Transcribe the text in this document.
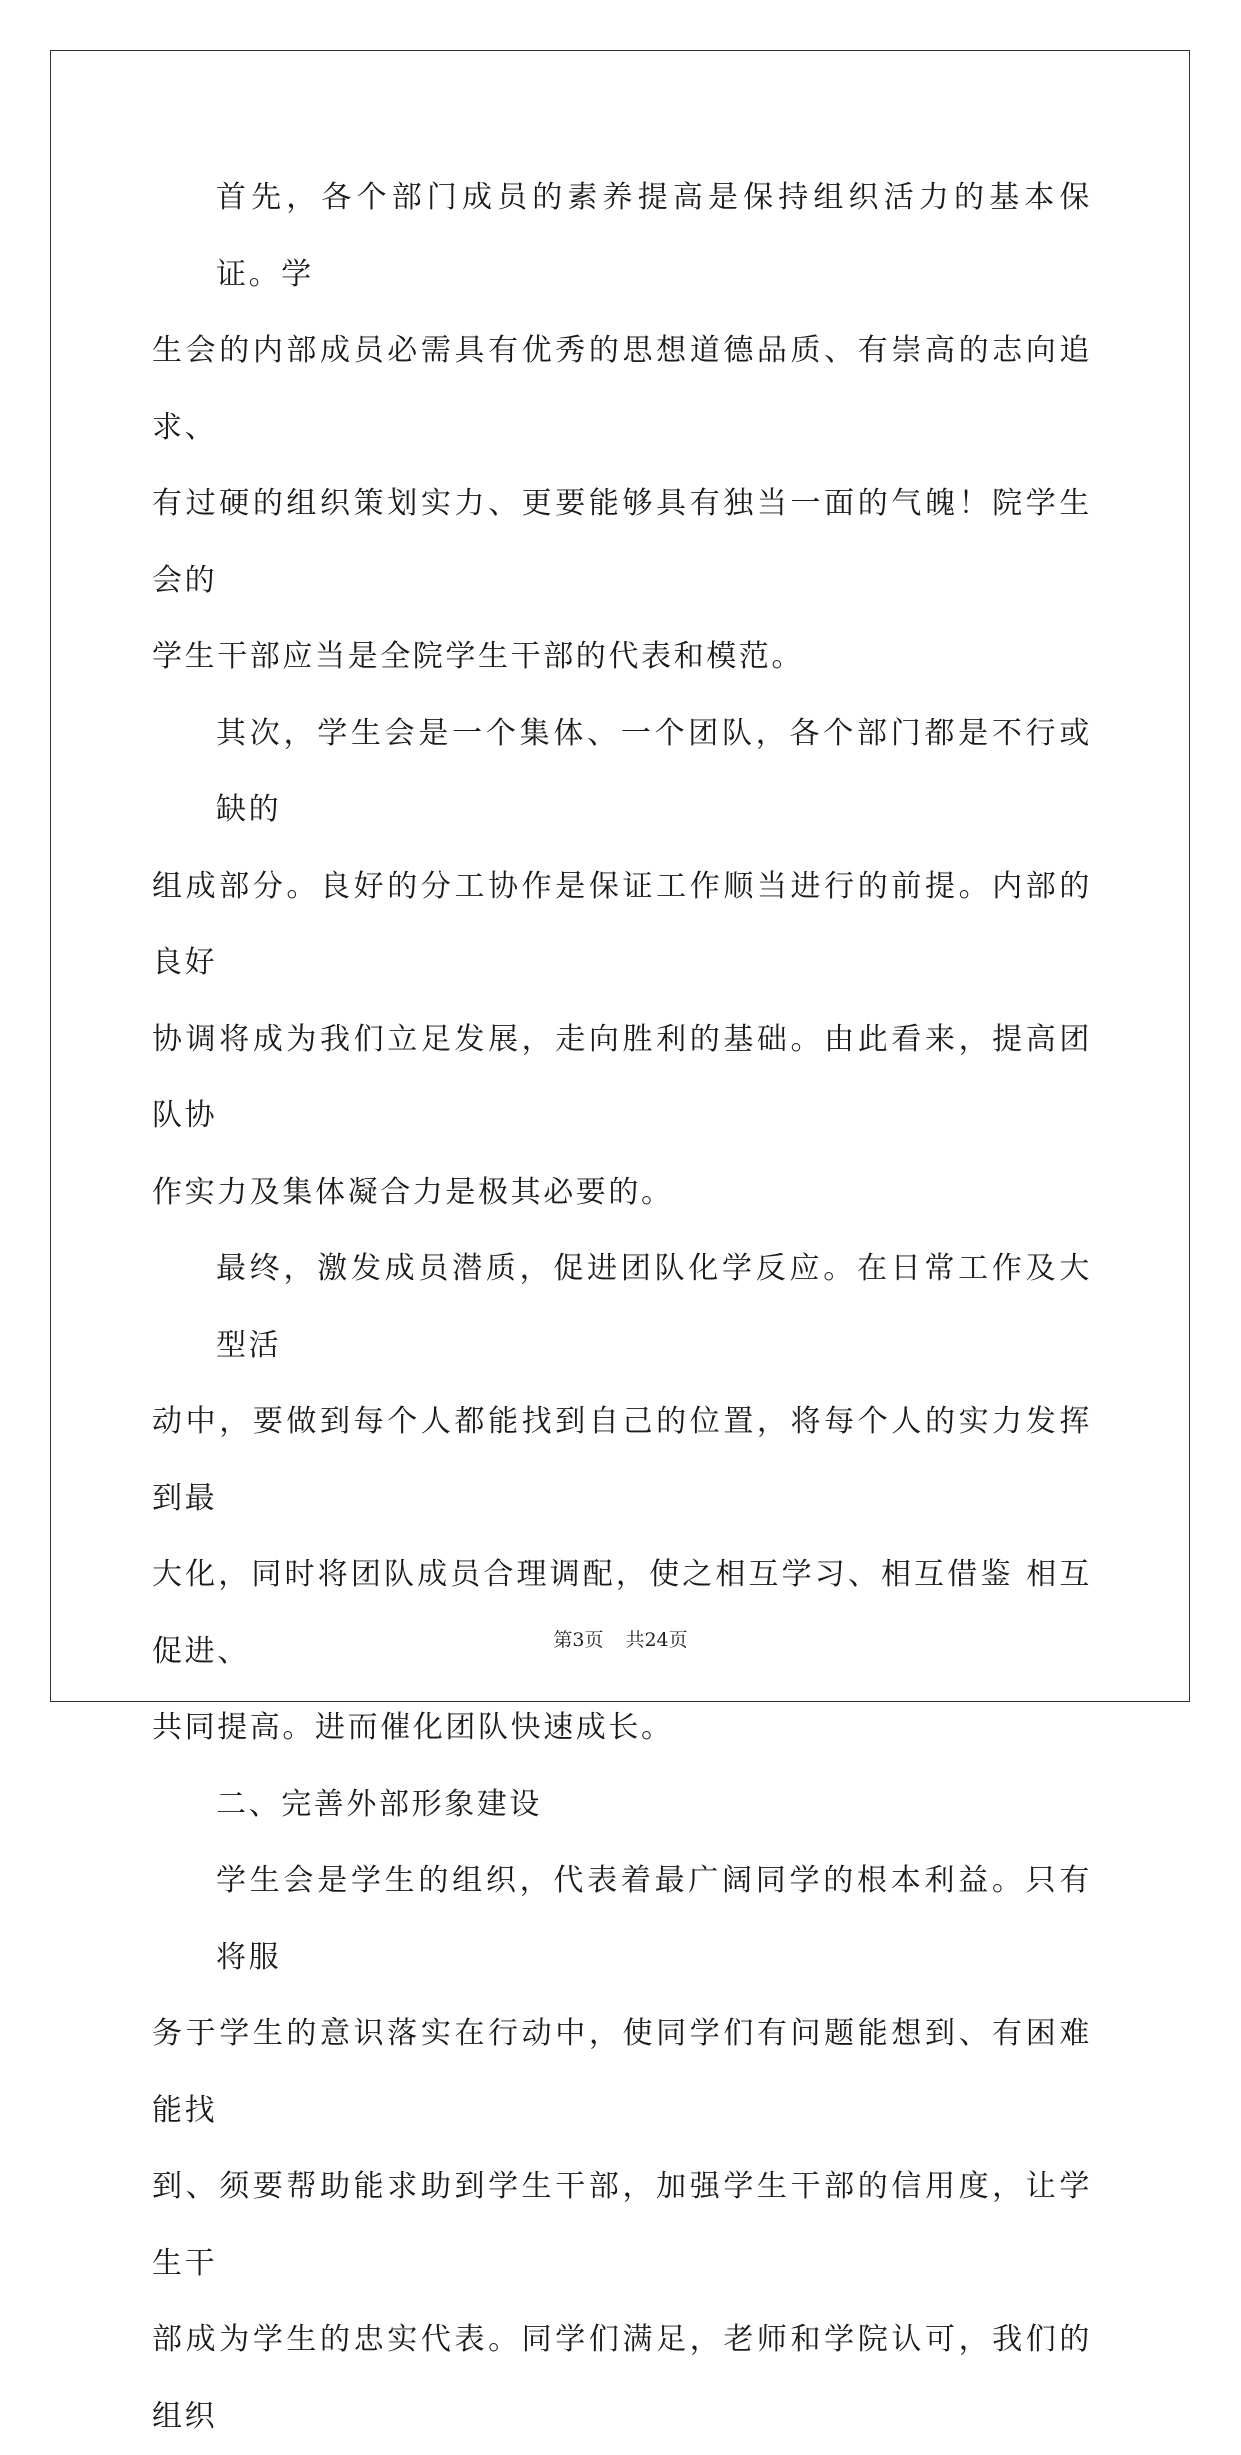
首先，各个部门成员的素养提高是保持组织活力的基本保证。学
生会的内部成员必需具有优秀的思想道德品质、有崇高的志向追求、
有过硬的组织策划实力、更要能够具有独当一面的气魄！院学生会的
学生干部应当是全院学生干部的代表和模范。

其次，学生会是一个集体、一个团队，各个部门都是不行或缺的
组成部分。良好的分工协作是保证工作顺当进行的前提。内部的良好
协调将成为我们立足发展，走向胜利的基础。由此看来，提高团队协
作实力及集体凝合力是极其必要的。

最终，激发成员潜质，促进团队化学反应。在日常工作及大型活
动中，要做到每个人都能找到自己的位置，将每个人的实力发挥到最
大化，同时将团队成员合理调配，使之相互学习、相互借鉴 相互促进、
共同提高。进而催化团队快速成长。

二、完善外部形象建设

学生会是学生的组织，代表着最广阔同学的根本利益。只有将服
务于学生的意识落实在行动中，使同学们有问题能想到、有困难能找
到、须要帮助能求助到学生干部，加强学生干部的信用度，让学生干
部成为学生的忠实代表。同学们满足，老师和学院认可，我们的组织

第3页 共24页
